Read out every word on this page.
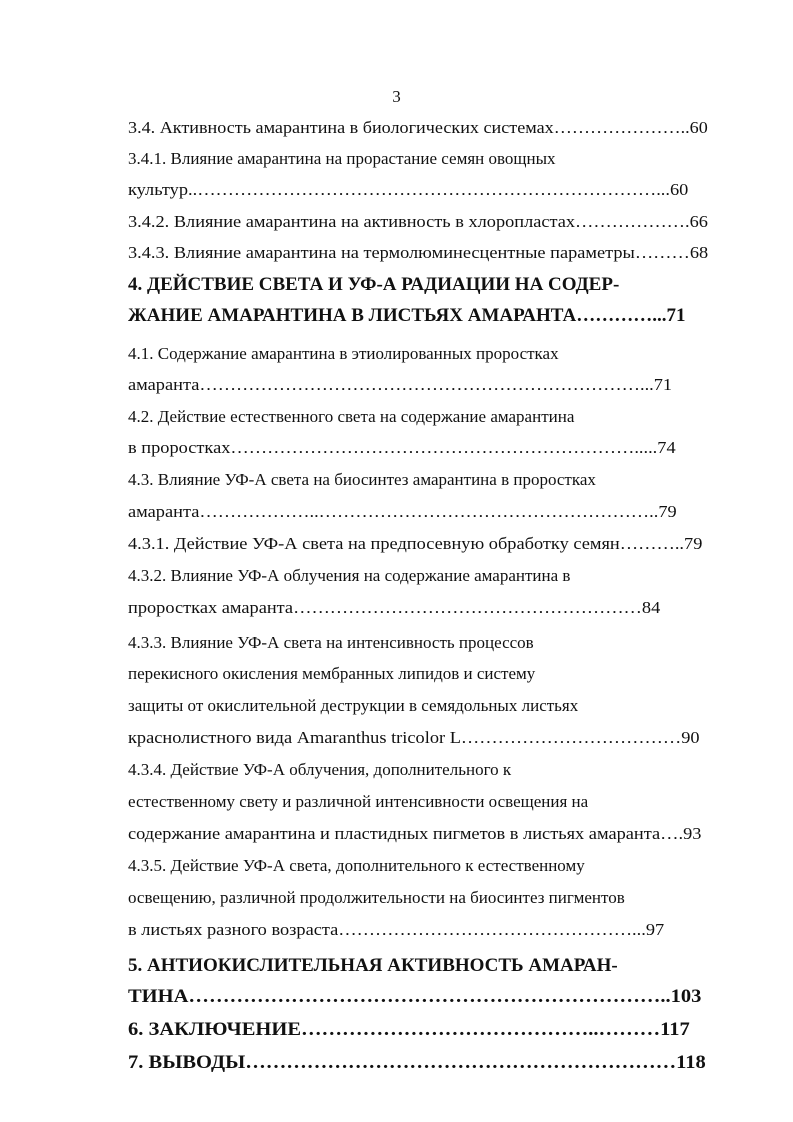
3
3.4. Активность амарантина в биологических системах…………………..60
3.4.1. Влияние амарантина на прорастание семян овощных
культур..…………………………………………………………………...60
3.4.2. Влияние амарантина на активность в хлоропластах……………….66
3.4.3. Влияние амарантина на термолюминесцентные параметры………68
4. ДЕЙСТВИЕ СВЕТА И УФ-А РАДИАЦИИ НА СОДЕР-
ЖАНИЕ АМАРАНТИНА В ЛИСТЬЯХ АМАРАНТА…………...71
4.1. Содержание амарантина в этиолированных проростках
амаранта………………………………………………………………...71
4.2. Действие естественного света на содержание амарантина
в проростках………………………………………………………….....74
4.3. Влияние УФ-А света на биосинтез амарантина в проростках
амаранта………………..………………………………………………..79
4.3.1. Действие УФ-А света на предпосевную обработку семян………..79
4.3.2. Влияние УФ-А облучения на содержание амарантина в
проростках амаранта…………………………………………………84
4.3.3. Влияние УФ-А света на интенсивность процессов
перекисного окисления мембранных липидов и систему
защиты от окислительной деструкции в семядольных листьях
краснолистного вида Amaranthus tricolor L………………………………90
4.3.4. Действие УФ-А облучения, дополнительного к
естественному свету и различной интенсивности освещения на
содержание амарантина и пластидных пигметов в листьях амаранта….93
4.3.5. Действие УФ-А света, дополнительного к естественному
освещению, различной продолжительности на биосинтез пигментов
в листьях разного возраста…………………………………………...97
5. АНТИОКИСЛИТЕЛЬНАЯ АКТИВНОСТЬ АМАРАН-
ТИНА……………………………………………………………..103
6. ЗАКЛЮЧЕНИЕ……………………………………..………117
7. ВЫВОДЫ………………………………………………………118
